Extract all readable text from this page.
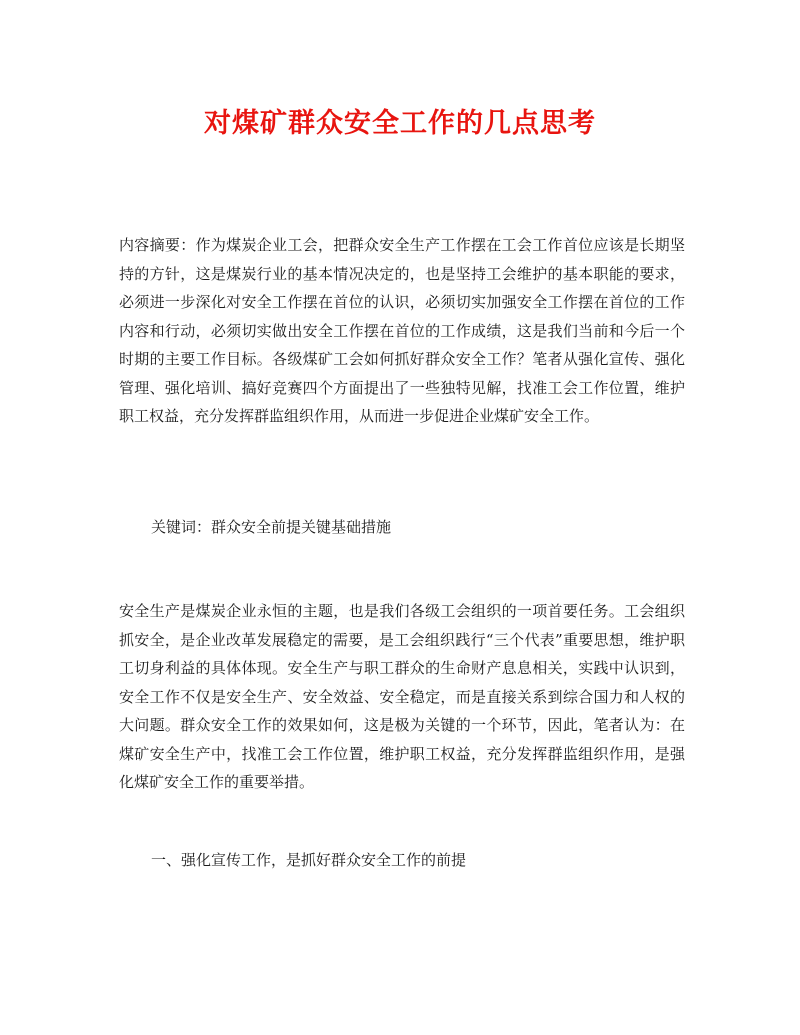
对煤矿群众安全工作的几点思考
内容摘要：作为煤炭企业工会，把群众安全生产工作摆在工会工作首位应该是长期坚持的方针，这是煤炭行业的基本情况决定的，也是坚持工会维护的基本职能的要求，必须进一步深化对安全工作摆在首位的认识，必须切实加强安全工作摆在首位的工作内容和行动，必须切实做出安全工作摆在首位的工作成绩，这是我们当前和今后一个时期的主要工作目标。各级煤矿工会如何抓好群众安全工作？笔者从强化宣传、强化管理、强化培训、搞好竞赛四个方面提出了一些独特见解，找准工会工作位置，维护职工权益，充分发挥群监组织作用，从而进一步促进企业煤矿安全工作。
关键词：群众安全前提关键基础措施
安全生产是煤炭企业永恒的主题，也是我们各级工会组织的一项首要任务。工会组织抓安全，是企业改革发展稳定的需要，是工会组织践行“三个代表”重要思想，维护职工切身利益的具体体现。安全生产与职工群众的生命财产息息相关，实践中认识到，安全工作不仅是安全生产、安全效益、安全稳定，而是直接关系到综合国力和人权的大问题。群众安全工作的效果如何，这是极为关键的一个环节，因此，笔者认为：在煤矿安全生产中，找准工会工作位置，维护职工权益，充分发挥群监组织作用，是强化煤矿安全工作的重要举措。
一、强化宣传工作，是抓好群众安全工作的前提
